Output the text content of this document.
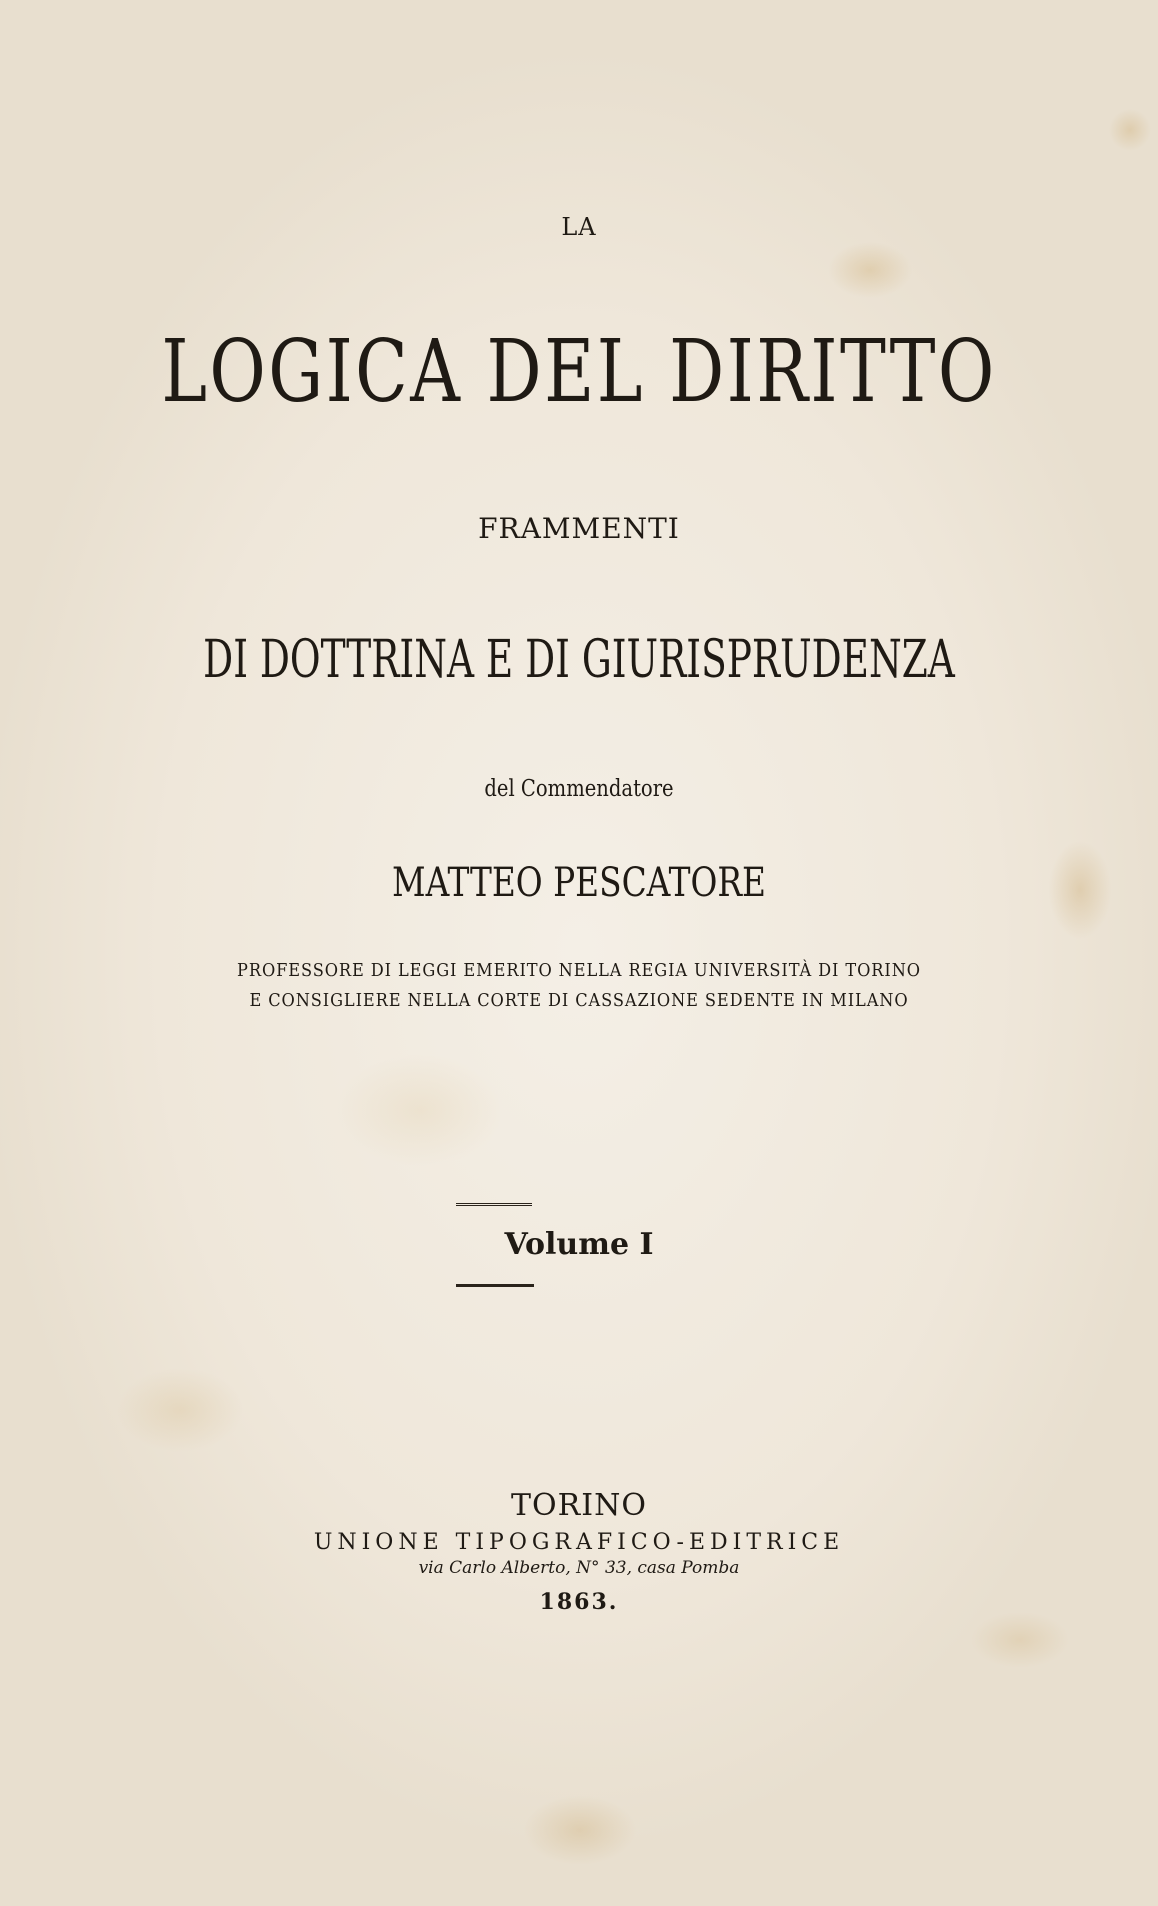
LA
LOGICA DEL DIRITTO
FRAMMENTI
DI DOTTRINA E DI GIURISPRUDENZA
del Commendatore
MATTEO PESCATORE
PROFESSORE DI LEGGI EMERITO NELLA REGIA UNIVERSITÀ DI TORINO
E CONSIGLIERE NELLA CORTE DI CASSAZIONE SEDENTE IN MILANO
Volume I
TORINO
UNIONE TIPOGRAFICO-EDITRICE
via Carlo Alberto, N° 33, casa Pomba
1863.
